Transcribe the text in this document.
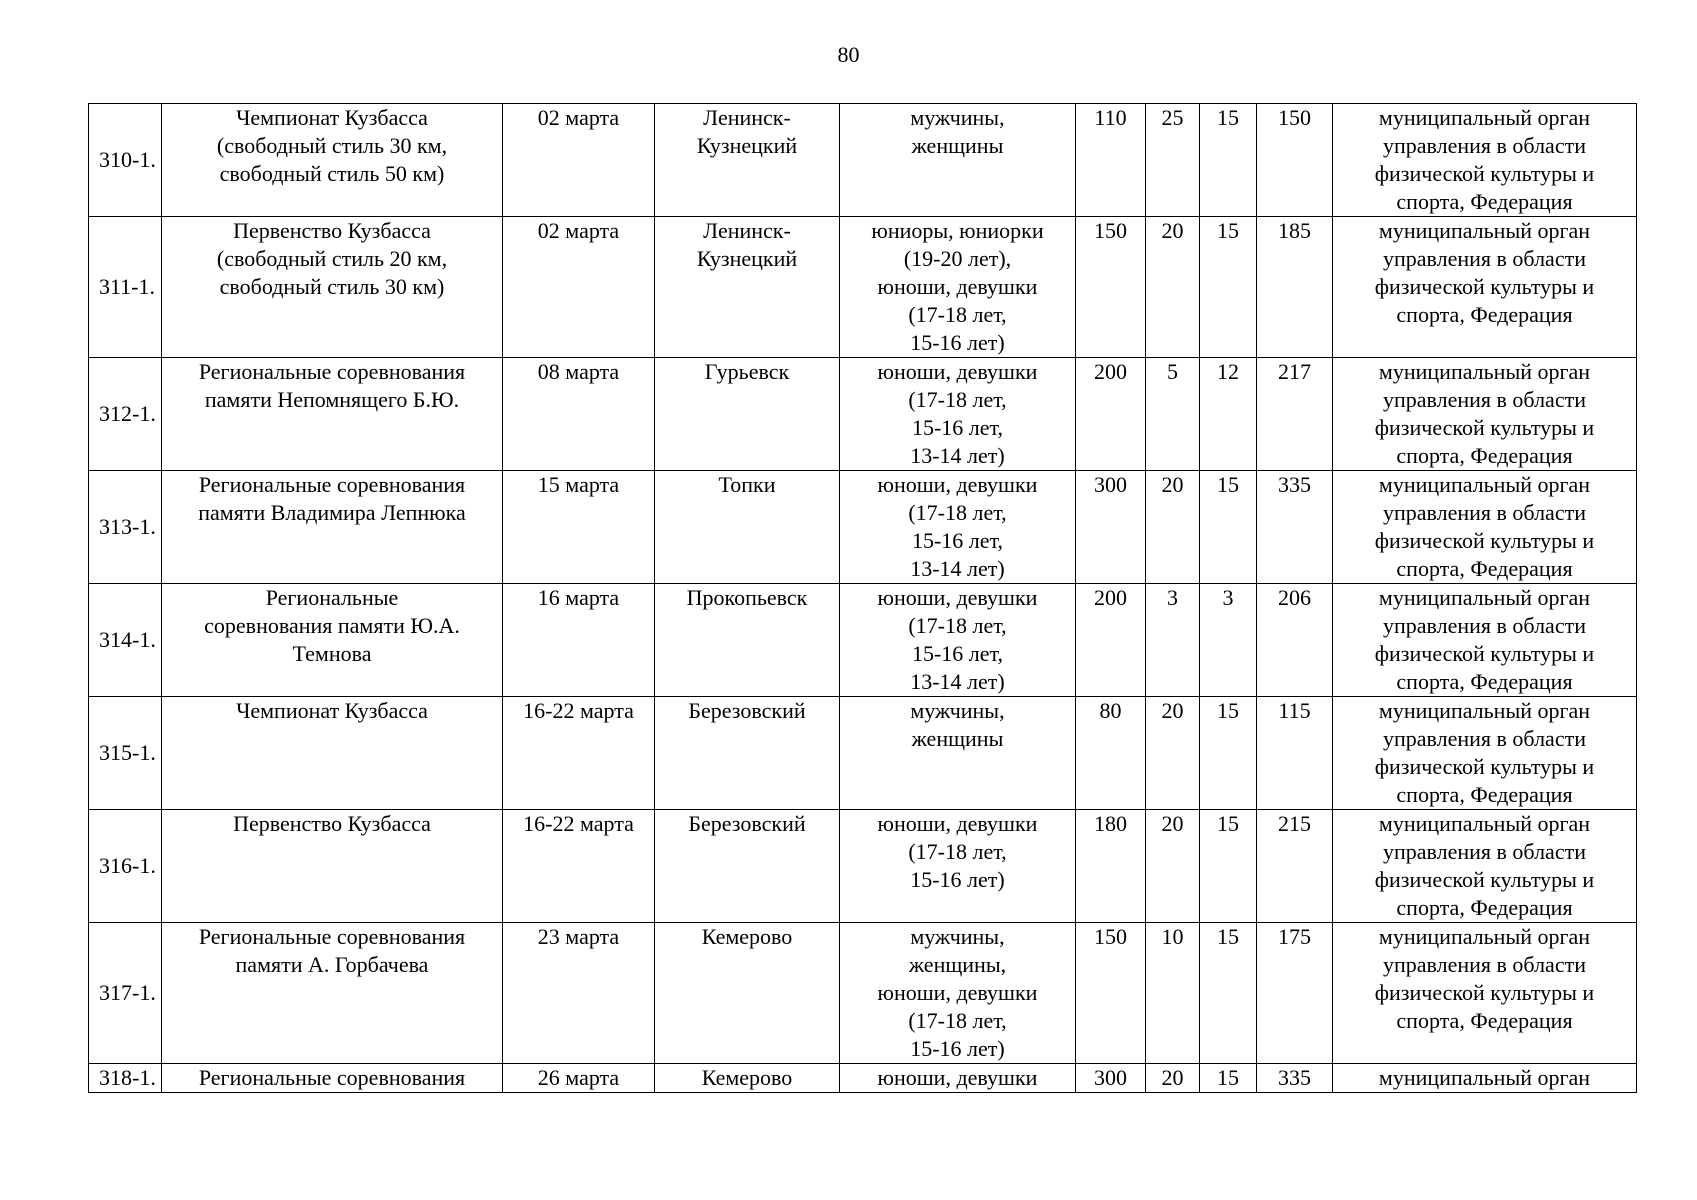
80
310-1.	Чемпионат Кузбасса
(свободный стиль 30 км,
свободный стиль 50 км)	02 марта	Ленинск-
Кузнецкий	мужчины,
женщины	110	25	15	150	муниципальный орган
управления в области
физической культуры и
спорта, Федерация
311-1.	Первенство Кузбасса
(свободный стиль 20 км,
свободный стиль 30 км)	02 марта	Ленинск-
Кузнецкий	юниоры, юниорки
(19-20 лет),
юноши, девушки
(17-18 лет,
15-16 лет)	150	20	15	185	муниципальный орган
управления в области
физической культуры и
спорта, Федерация
312-1.	Региональные соревнования
памяти Непомнящего Б.Ю.	08 марта	Гурьевск	юноши, девушки
(17-18 лет,
15-16 лет,
13-14 лет)	200	5	12	217	муниципальный орган
управления в области
физической культуры и
спорта, Федерация
313-1.	Региональные соревнования
памяти Владимира Лепнюка	15 марта	Топки	юноши, девушки
(17-18 лет,
15-16 лет,
13-14 лет)	300	20	15	335	муниципальный орган
управления в области
физической культуры и
спорта, Федерация
314-1.	Региональные
соревнования памяти Ю.А.
Темнова	16 марта	Прокопьевск	юноши, девушки
(17-18 лет,
15-16 лет,
13-14 лет)	200	3	3	206	муниципальный орган
управления в области
физической культуры и
спорта, Федерация
315-1.	Чемпионат Кузбасса	16-22 марта	Березовский	мужчины,
женщины	80	20	15	115	муниципальный орган
управления в области
физической культуры и
спорта, Федерация
316-1.	Первенство Кузбасса	16-22 марта	Березовский	юноши, девушки
(17-18 лет,
15-16 лет)	180	20	15	215	муниципальный орган
управления в области
физической культуры и
спорта, Федерация
317-1.	Региональные соревнования
памяти А. Горбачева	23 марта	Кемерово	мужчины,
женщины,
юноши, девушки
(17-18 лет,
15-16 лет)	150	10	15	175	муниципальный орган
управления в области
физической культуры и
спорта, Федерация
318-1.	Региональные соревнования	26 марта	Кемерово	юноши, девушки	300	20	15	335	муниципальный орган
